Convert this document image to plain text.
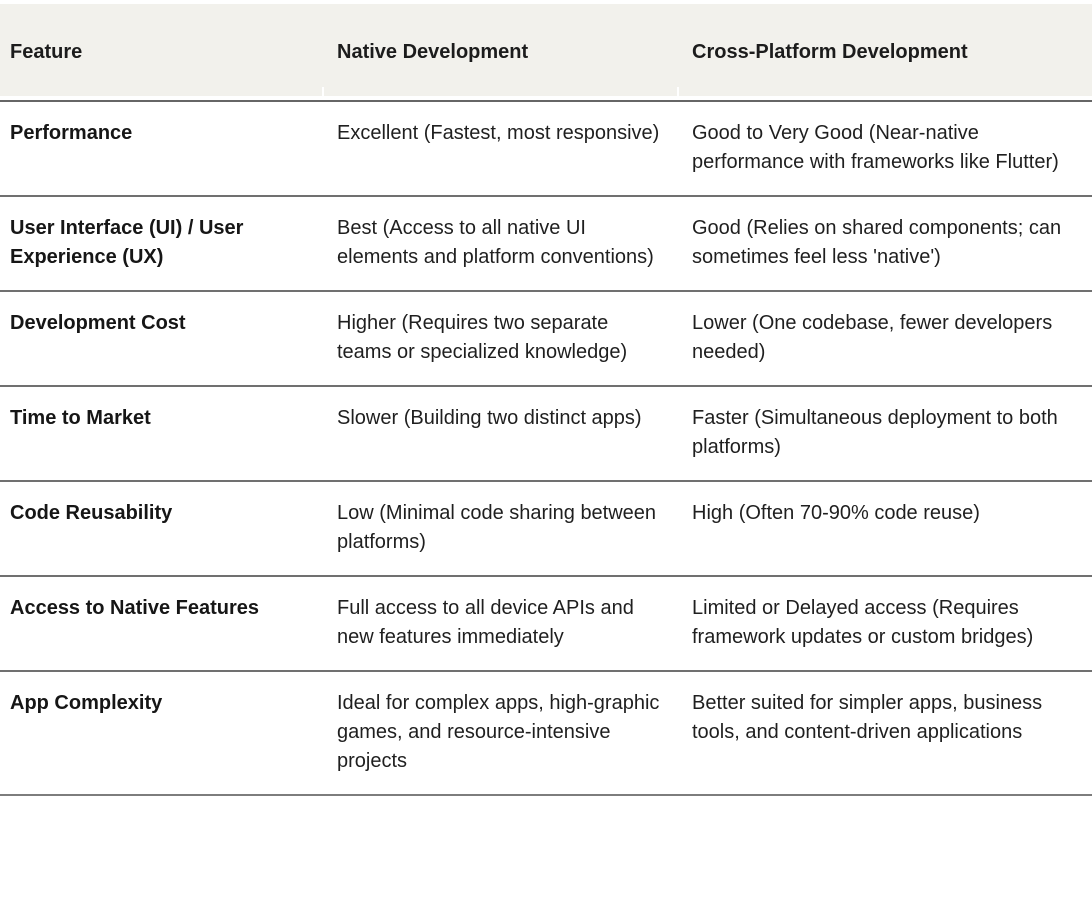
Feature	Native Development	Cross-Platform Development
Performance	Excellent (Fastest, most responsive)	Good to Very Good (Near-native performance with frameworks like Flutter)
User Interface (UI) / User Experience (UX)	Best (Access to all native UI elements and platform conventions)	Good (Relies on shared components; can sometimes feel less 'native')
Development Cost	Higher (Requires two separate teams or specialized knowledge)	Lower (One codebase, fewer developers needed)
Time to Market	Slower (Building two distinct apps)	Faster (Simultaneous deployment to both platforms)
Code Reusability	Low (Minimal code sharing between platforms)	High (Often 70-90% code reuse)
Access to Native Features	Full access to all device APIs and new features immediately	Limited or Delayed access (Requires framework updates or custom bridges)
App Complexity	Ideal for complex apps, high-graphic games, and resource-intensive projects	Better suited for simpler apps, business tools, and content-driven applications
